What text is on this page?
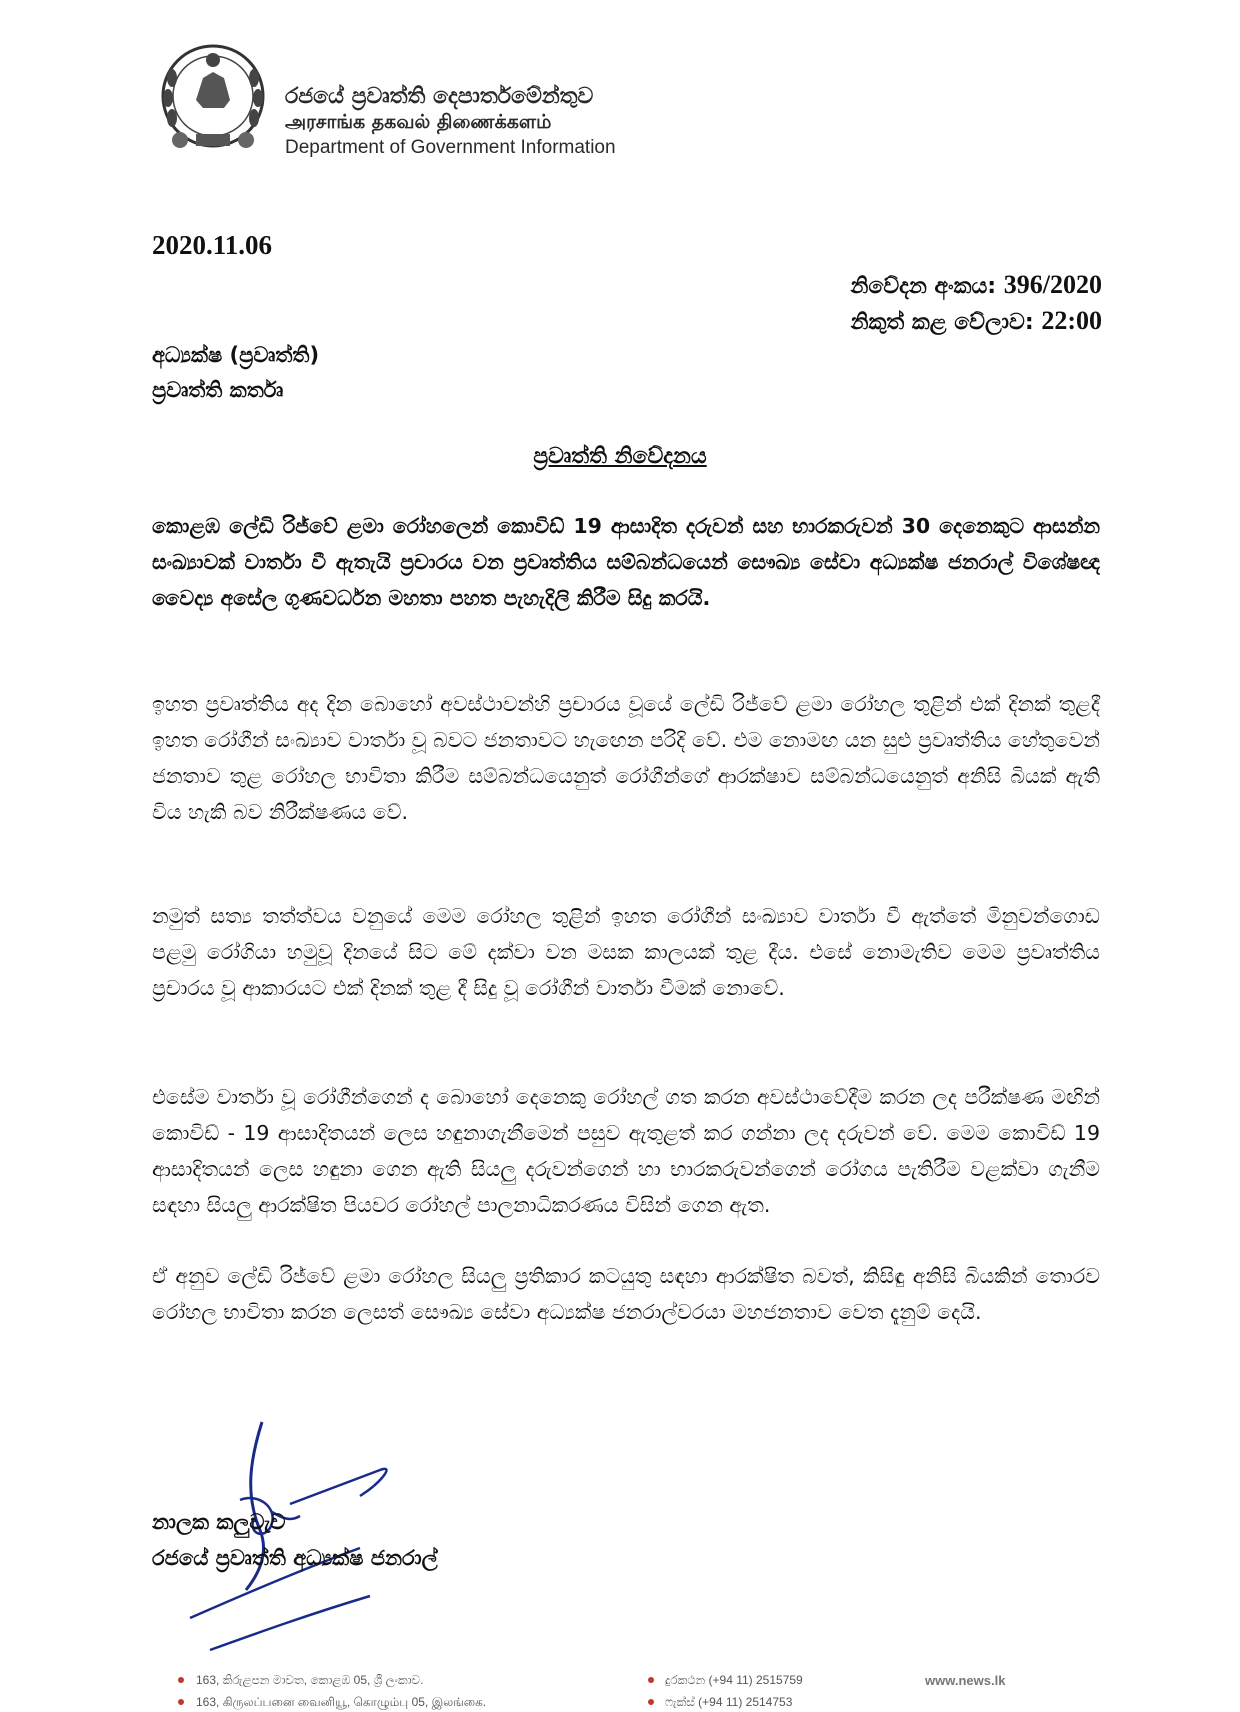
රජයේ ප්‍රවෘත්ති දෙපාර්තමේන්තුව
அரசாங்க தகவல் திணைக்களம்
Department of Government Information
2020.11.06
නිවේදන අංකය: 396/2020
නිකුත් කළ වේලාව: 22:00
අධ්‍යක්ෂ (ප්‍රවෘත්ති)
ප්‍රවෘත්ති කර්තෘ
ප්‍රවෘත්ති නිවේදනය
කොළඹ ලේඩි රිජ්වේ ළමා රෝහලෙන් කොවිඩ් 19 ආසාදිත දරුවන් සහ භාරකරුවන් 30 දෙනෙකුට ආසන්න සංඛ්‍යාවක් වාර්තා වී ඇතැයි ප්‍රචාරය වන ප්‍රවෘත්තිය සම්බන්ධයෙන් සෞඛ්‍ය සේවා අධ්‍යක්ෂ ජනරාල් විශේෂඥ වෛද්‍ය අසේල ගුණවර්ධන මහතා පහත පැහැදිලි කිරීම සිදු කරයි.
ඉහත ප්‍රවෘත්තිය අද දින බොහෝ අවස්ථාවන්හි ප්‍රචාරය වූයේ ලේඩි රිජ්වේ ළමා රෝහල තුළින් එක් දිනක් තුළදී ඉහත රෝගීන් සංඛ්‍යාව වාර්තා වූ බවට ජනතාවට හැඟෙන පරිදි වේ. එම නොමඟ යන සුළු ප්‍රවෘත්තිය හේතුවෙන් ජනතාව තුළ රෝහල භාවිතා කිරීම සම්බන්ධයෙනුත් රෝගීන්ගේ ආරක්ෂාව සම්බන්ධයෙනුත් අනිසි බියක් ඇති විය හැකි බව නිරීක්ෂණය වේ.
නමුත් සත්‍ය තත්ත්වය වනුයේ මෙම රෝහල තුළින් ඉහත රෝගීන් සංඛ්‍යාව වාර්තා වී ඇත්තේ මිනුවන්ගොඩ පළමු රෝගියා හමුවූ දිනයේ සිට මේ දක්වා වන මසක කාලයක් තුළ දීය. එසේ නොමැතිව මෙම ප්‍රවෘත්තිය ප්‍රචාරය වූ ආකාරයට එක් දිනක් තුළ දී සිදු වූ රෝගීන් වාර්තා වීමක් නොවේ.
එසේම වාර්තා වූ රෝගීන්ගෙන් ද බොහෝ දෙනෙකු රෝහල් ගත කරන අවස්ථාවේදීම කරන ලද පරීක්ෂණ මඟින් කොවිඩ් - 19 ආසාදිතයන් ලෙස හඳුනාගැනීමෙන් පසුව ඇතුළත් කර ගන්නා ලද දරුවන් වේ. මෙම කොවිඩ් 19 ආසාදිතයන් ලෙස හඳුනා ගෙන ඇති සියලු දරුවන්ගෙන් හා භාරකරුවන්ගෙන් රෝගය පැතිරීම වළක්වා ගැනීම සඳහා සියලු ආරක්ෂිත පියවර රෝහල් පාලනාධිකරණය විසින් ගෙන ඇත.
ඒ අනුව ලේඩි රිජ්වේ ළමා රෝහල සියලු ප්‍රතිකාර කටයුතු සඳහා ආරක්ෂිත බවත්, කිසිඳු අනිසි බියකින් තොරව රෝහල භාවිතා කරන ලෙසත් සෞඛ්‍ය සේවා අධ්‍යක්ෂ ජනරාල්වරයා මහජනතාව වෙත දැනුම් දෙයි.
නාලක කලුවැව
රජයේ ප්‍රවෘත්ති අධ්‍යක්ෂ ජනරාල්
163, කිරුළපන මාවත, කොළඹ 05, ශ්‍රී ලංකාව.
163, கிருலப்பனை வைனியூ, கொழும்பு 05, இலங்கை.
දුරකථන (+94 11) 2515759
ෆැක්ස් (+94 11) 2514753
www.news.lk
